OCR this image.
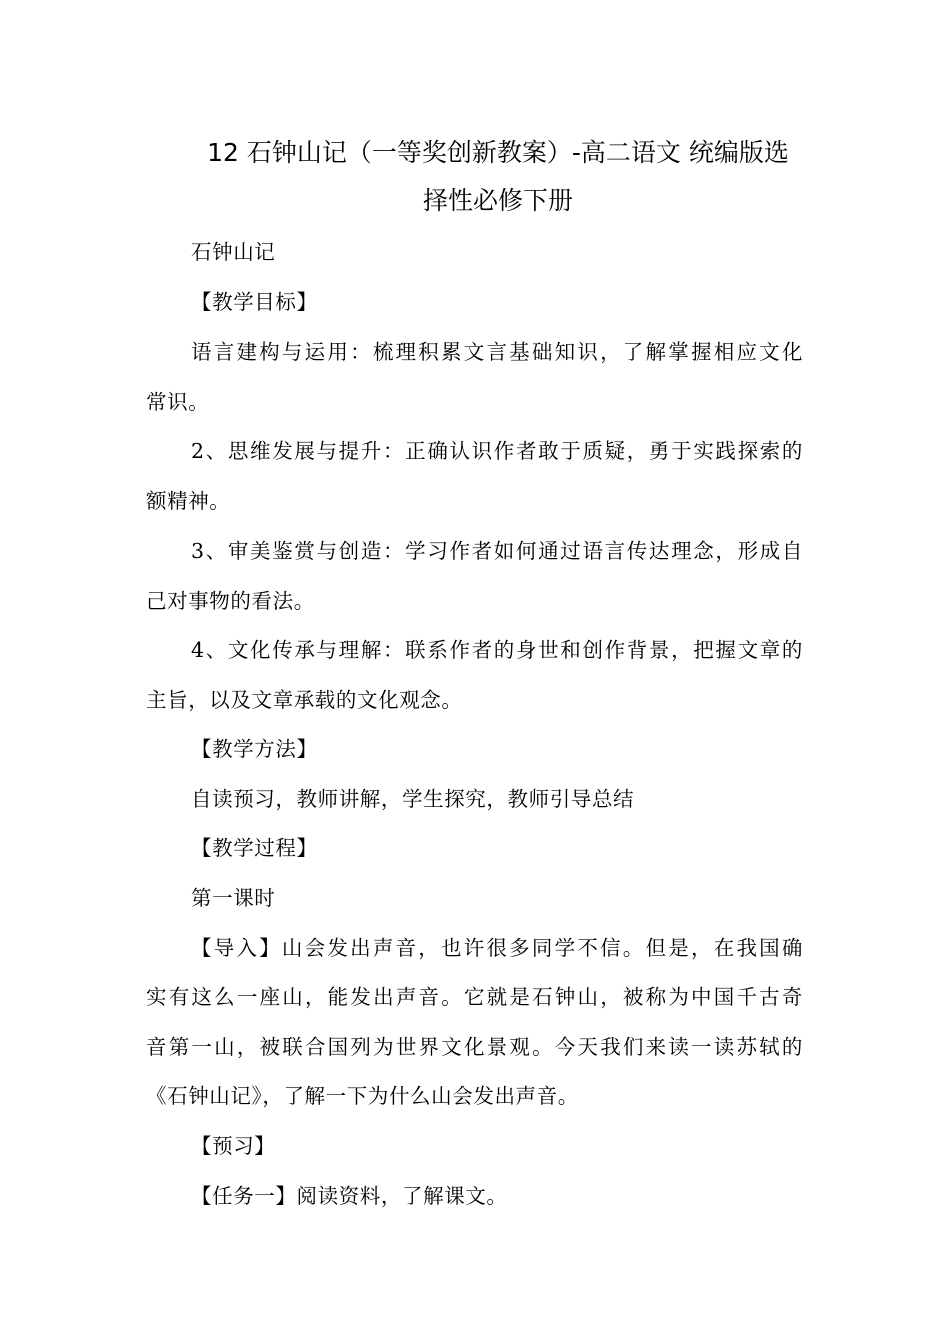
12 石钟山记（一等奖创新教案）-高二语文 统编版选
择性必修下册
石钟山记
【教学目标】
语言建构与运用：梳理积累文言基础知识，了解掌握相应文化
常识。
2、思维发展与提升：正确认识作者敢于质疑，勇于实践探索的
额精神。
3、审美鉴赏与创造：学习作者如何通过语言传达理念，形成自
己对事物的看法。
4、文化传承与理解：联系作者的身世和创作背景，把握文章的
主旨，以及文章承载的文化观念。
【教学方法】
自读预习，教师讲解，学生探究，教师引导总结
【教学过程】
第一课时
【导入】山会发出声音，也许很多同学不信。但是，在我国确
实有这么一座山，能发出声音。它就是石钟山，被称为中国千古奇
音第一山，被联合国列为世界文化景观。今天我们来读一读苏轼的
《石钟山记》，了解一下为什么山会发出声音。
【预习】
【任务一】阅读资料，了解课文。
